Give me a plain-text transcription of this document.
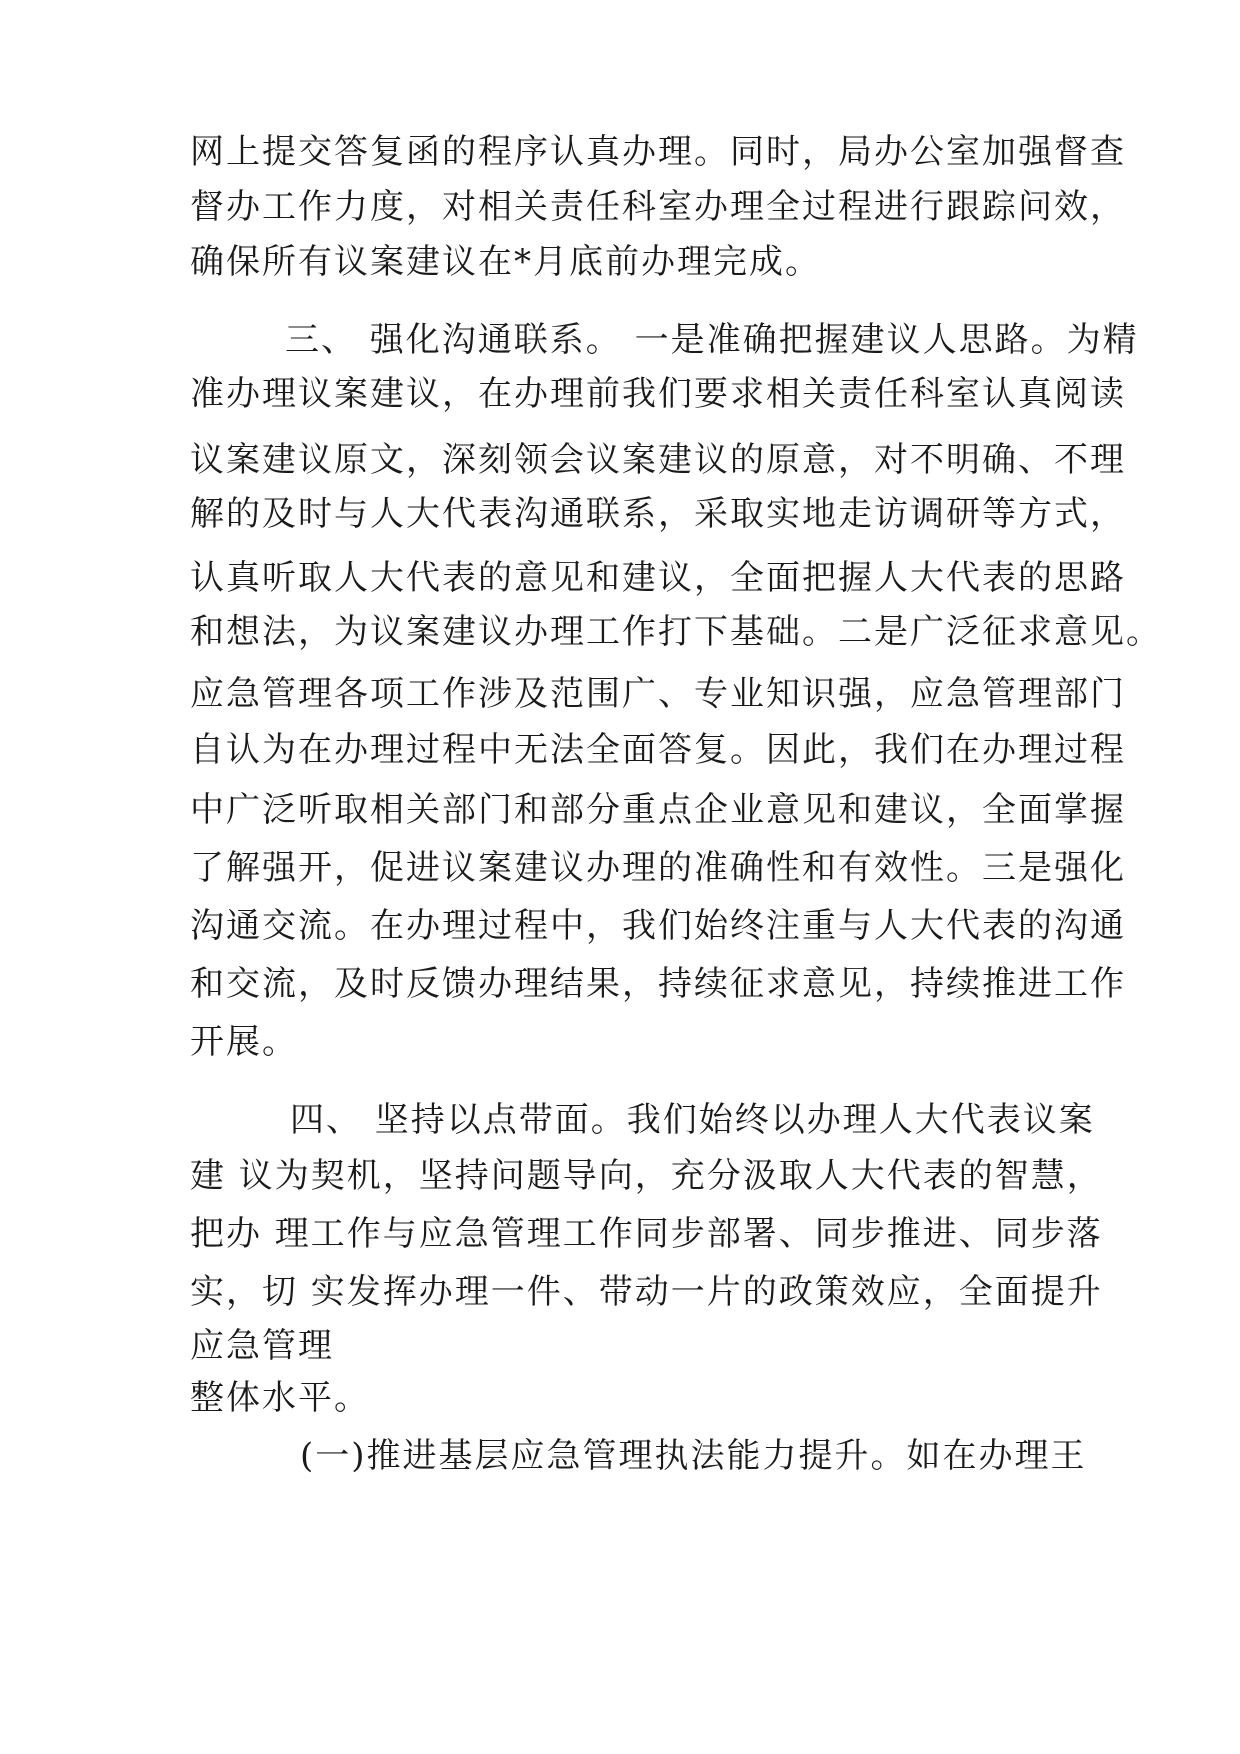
网上提交答复函的程序认真办理。同时，局办公室加强督查
督办工作力度，对相关责任科室办理全过程进行跟踪问效，
确保所有议案建议在*月底前办理完成。
三、 强化沟通联系。 一是准确把握建议人思路。为精
准办理议案建议，在办理前我们要求相关责任科室认真阅读
议案建议原文，深刻领会议案建议的原意，对不明确、不理
解的及时与人大代表沟通联系，采取实地走访调研等方式，
认真听取人大代表的意见和建议，全面把握人大代表的思路
和想法，为议案建议办理工作打下基础。二是广泛征求意见。
应急管理各项工作涉及范围广、专业知识强，应急管理部门
自认为在办理过程中无法全面答复。因此，我们在办理过程
中广泛听取相关部门和部分重点企业意见和建议，全面掌握
了解强开，促进议案建议办理的准确性和有效性。三是强化
沟通交流。在办理过程中，我们始终注重与人大代表的沟通
和交流，及时反馈办理结果，持续征求意见，持续推进工作
开展。
四、 坚持以点带面。我们始终以办理人大代表议案
建 议为契机，坚持问题导向，充分汲取人大代表的智慧，
把办 理工作与应急管理工作同步部署、同步推进、同步落
实，切 实发挥办理一件、带动一片的政策效应，全面提升
应急管理
整体水平。
(一)推进基层应急管理执法能力提升。如在办理王
